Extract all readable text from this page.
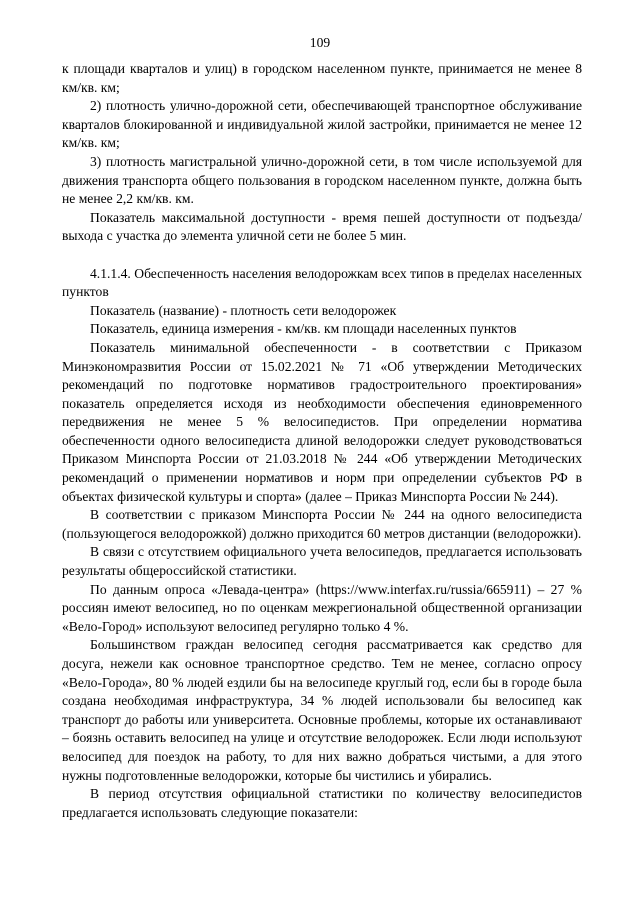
109

к площади кварталов и улиц) в городском населенном пункте, принимается не менее 8 км/кв. км;

2) плотность улично-дорожной сети, обеспечивающей транспортное обслуживание кварталов блокированной и индивидуальной жилой застройки, принимается не менее 12 км/кв. км;

3) плотность магистральной улично-дорожной сети, в том числе используемой для движения транспорта общего пользования в городском населенном пункте, должна быть не менее 2,2 км/кв. км.

Показатель максимальной доступности - время пешей доступности от подъезда/выхода с участка до элемента уличной сети не более 5 мин.

4.1.1.4. Обеспеченность населения велодорожкам всех типов в пределах населенных пунктов

Показатель (название) - плотность сети велодорожек

Показатель, единица измерения - км/кв. км площади населенных пунктов

Показатель минимальной обеспеченности - в соответствии с Приказом Минэкономразвития России от 15.02.2021 № 71 «Об утверждении Методических рекомендаций по подготовке нормативов градостроительного проектирования» показатель определяется исходя из необходимости обеспечения единовременного передвижения не менее 5 % велосипедистов. При определении норматива обеспеченности одного велосипедиста длиной велодорожки следует руководствоваться Приказом Минспорта России от 21.03.2018 № 244 «Об утверждении Методических рекомендаций о применении нормативов и норм при определении субъектов РФ в объектах физической культуры и спорта» (далее – Приказ Минспорта России № 244).

В соответствии с приказом Минспорта России № 244 на одного велосипедиста (пользующегося велодорожкой) должно приходится 60 метров дистанции (велодорожки).

В связи с отсутствием официального учета велосипедов, предлагается использовать результаты общероссийской статистики.

По данным опроса «Левада-центра» (https://www.interfax.ru/russia/665911) – 27 % россиян имеют велосипед, но по оценкам межрегиональной общественной организации «Вело-Город» используют велосипед регулярно только 4 %.

Большинством граждан велосипед сегодня рассматривается как средство для досуга, нежели как основное транспортное средство. Тем не менее, согласно опросу «Вело-Города», 80 % людей ездили бы на велосипеде круглый год, если бы в городе была создана необходимая инфраструктура, 34 % людей использовали бы велосипед как транспорт до работы или университета. Основные проблемы, которые их останавливают – боязнь оставить велосипед на улице и отсутствие велодорожек. Если люди используют велосипед для поездок на работу, то для них важно добраться чистыми, а для этого нужны подготовленные велодорожки, которые бы чистились и убирались.

В период отсутствия официальной статистики по количеству велосипедистов предлагается использовать следующие показатели:
